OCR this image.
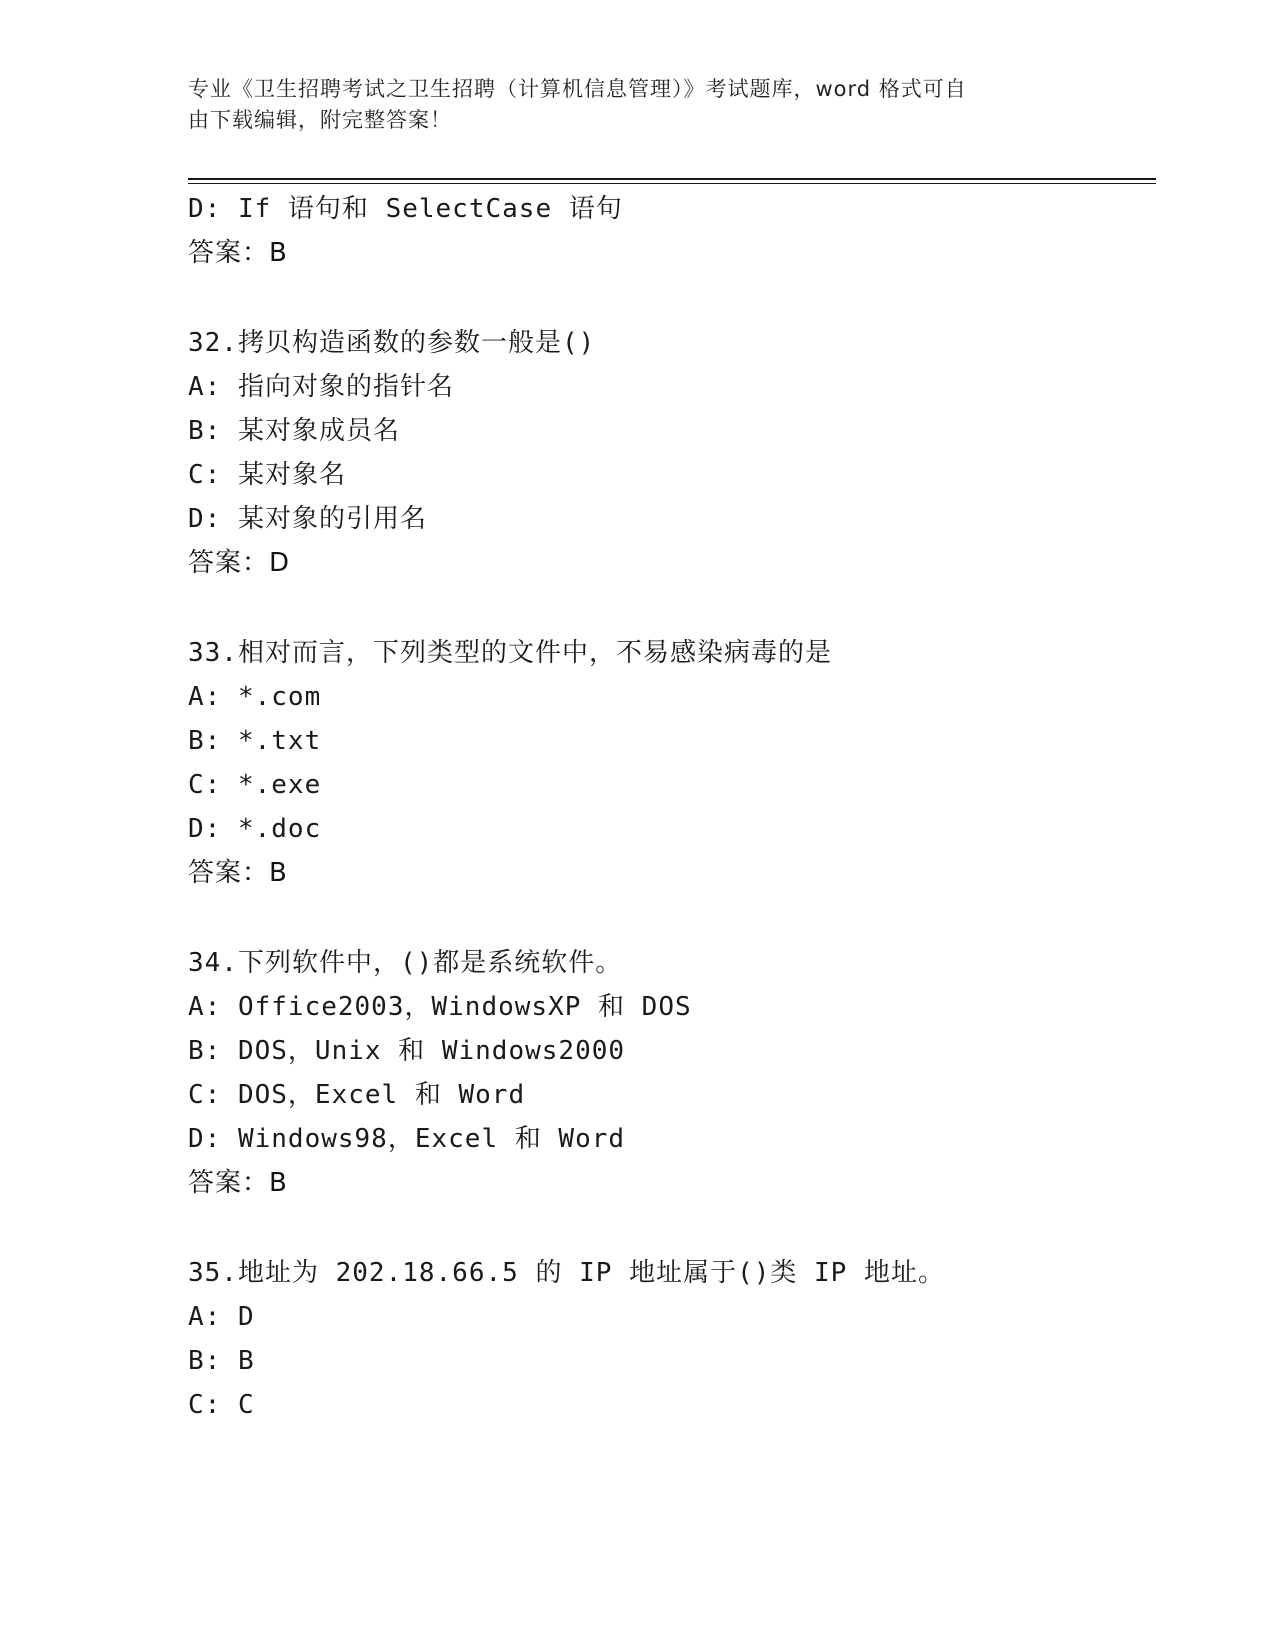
专业《卫生招聘考试之卫生招聘（计算机信息管理）》考试题库，word 格式可自
由下载编辑，附完整答案！
D: If 语句和 SelectCase 语句
答案：B
32.拷贝构造函数的参数一般是()
A: 指向对象的指针名
B: 某对象成员名
C: 某对象名
D: 某对象的引用名
答案：D
33.相对而言，下列类型的文件中，不易感染病毒的是
A: *.com
B: *.txt
C: *.exe
D: *.doc
答案：B
34.下列软件中，()都是系统软件。
A: Office2003，WindowsXP 和 DOS
B: DOS，Unix 和 Windows2000
C: DOS，Excel 和 Word
D: Windows98，Excel 和 Word
答案：B
35.地址为 202.18.66.5 的 IP 地址属于()类 IP 地址。
A: D
B: B
C: C
